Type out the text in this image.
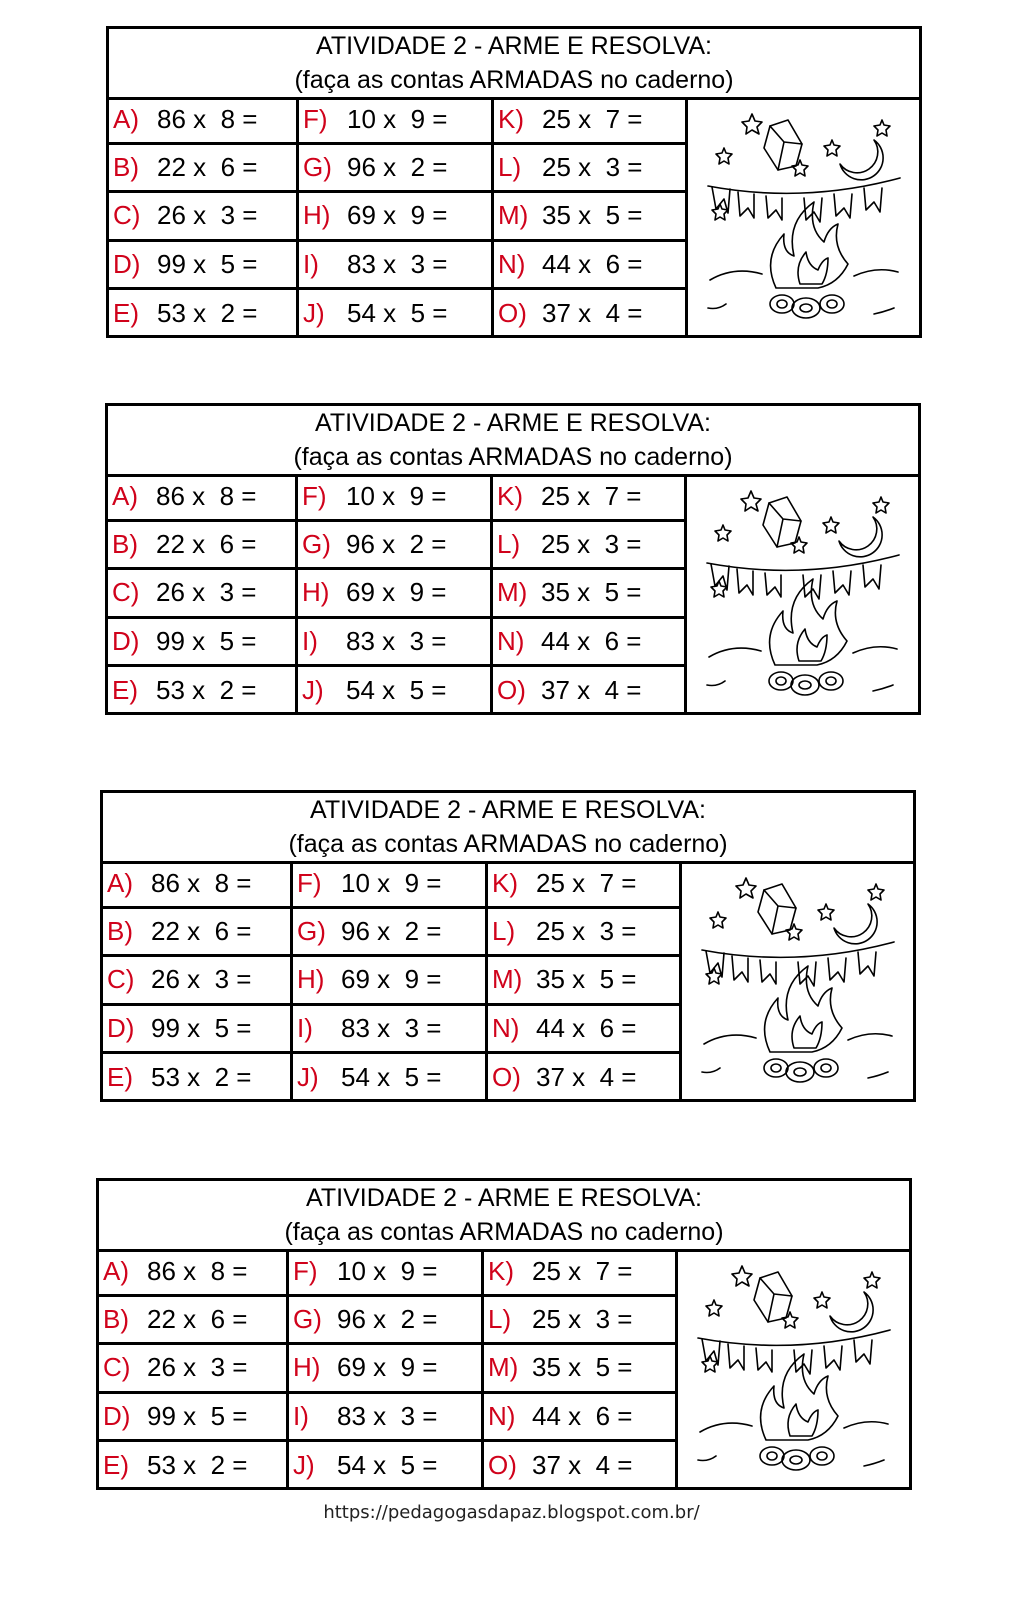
ATIVIDADE 2 - ARME E RESOLVA:
(faça as contas ARMADAS no caderno)
A) 86 x  8 = F) 10 x  9 = K) 25 x  7 =
B) 22 x  6 = G) 96 x  2 = L) 25 x  3 =
C) 26 x  3 = H) 69 x  9 = M) 35 x  5 =
D) 99 x  5 = I)	83 x  3 = N) 44 x  6 =
E) 53 x  2 = J) 54 x  5 = O) 37 x  4 =
ATIVIDADE 2 - ARME E RESOLVA:
(faça as contas ARMADAS no caderno)
A) 86 x  8 = F) 10 x  9 = K) 25 x  7 =
B) 22 x  6 = G) 96 x  2 = L) 25 x  3 =
C) 26 x  3 = H) 69 x  9 = M) 35 x  5 =
D) 99 x  5 = I)	83 x  3 = N) 44 x  6 =
E) 53 x  2 = J) 54 x  5 = O) 37 x  4 =
ATIVIDADE 2 - ARME E RESOLVA:
(faça as contas ARMADAS no caderno)
A) 86 x  8 = F) 10 x  9 = K) 25 x  7 =
B) 22 x  6 = G) 96 x  2 = L) 25 x  3 =
C) 26 x  3 = H) 69 x  9 = M) 35 x  5 =
D) 99 x  5 = I)	83 x  3 = N) 44 x  6 =
E) 53 x  2 = J) 54 x  5 = O) 37 x  4 =
ATIVIDADE 2 - ARME E RESOLVA:
(faça as contas ARMADAS no caderno)
A) 86 x  8 = F) 10 x  9 = K) 25 x  7 =
B) 22 x  6 = G) 96 x  2 = L) 25 x  3 =
C) 26 x  3 = H) 69 x  9 = M) 35 x  5 =
D) 99 x  5 = I)	83 x  3 = N) 44 x  6 =
E) 53 x  2 = J) 54 x  5 = O) 37 x  4 =
https://pedagogasdapaz.blogspot.com.br/
